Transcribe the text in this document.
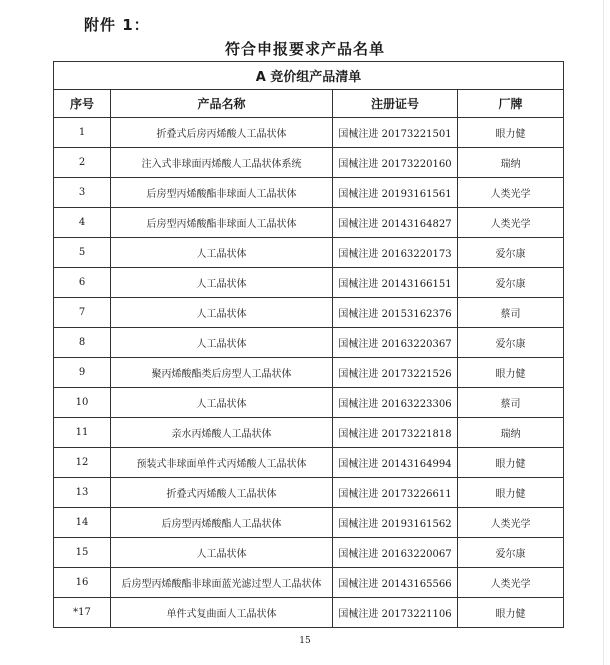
附件 1：
符合申报要求产品名单
A 竞价组产品清单			
序号	产品名称	注册证号	厂牌
1	折叠式后房丙烯酸人工晶状体	国械注进 20173221501	眼力健
2	注入式非球面丙烯酸人工晶状体系统	国械注进 20173220160	瑞纳
3	后房型丙烯酸酯非球面人工晶状体	国械注进 20193161561	人类光学
4	后房型丙烯酸酯非球面人工晶状体	国械注进 20143164827	人类光学
5	人工晶状体	国械注进 20163220173	爱尔康
6	人工晶状体	国械注进 20143166151	爱尔康
7	人工晶状体	国械注进 20153162376	蔡司
8	人工晶状体	国械注进 20163220367	爱尔康
9	聚丙烯酸酯类后房型人工晶状体	国械注进 20173221526	眼力健
10	人工晶状体	国械注进 20163223306	蔡司
11	亲水丙烯酸人工晶状体	国械注进 20173221818	瑞纳
12	预装式非球面单件式丙烯酸人工晶状体	国械注进 20143164994	眼力健
13	折叠式丙烯酸人工晶状体	国械注进 20173226611	眼力健
14	后房型丙烯酸酯人工晶状体	国械注进 20193161562	人类光学
15	人工晶状体	国械注进 20163220067	爱尔康
16	后房型丙烯酸酯非球面蓝光滤过型人工晶状体	国械注进 20143165566	人类光学
*17	单件式复曲面人工晶状体	国械注进 20173221106	眼力健
15
